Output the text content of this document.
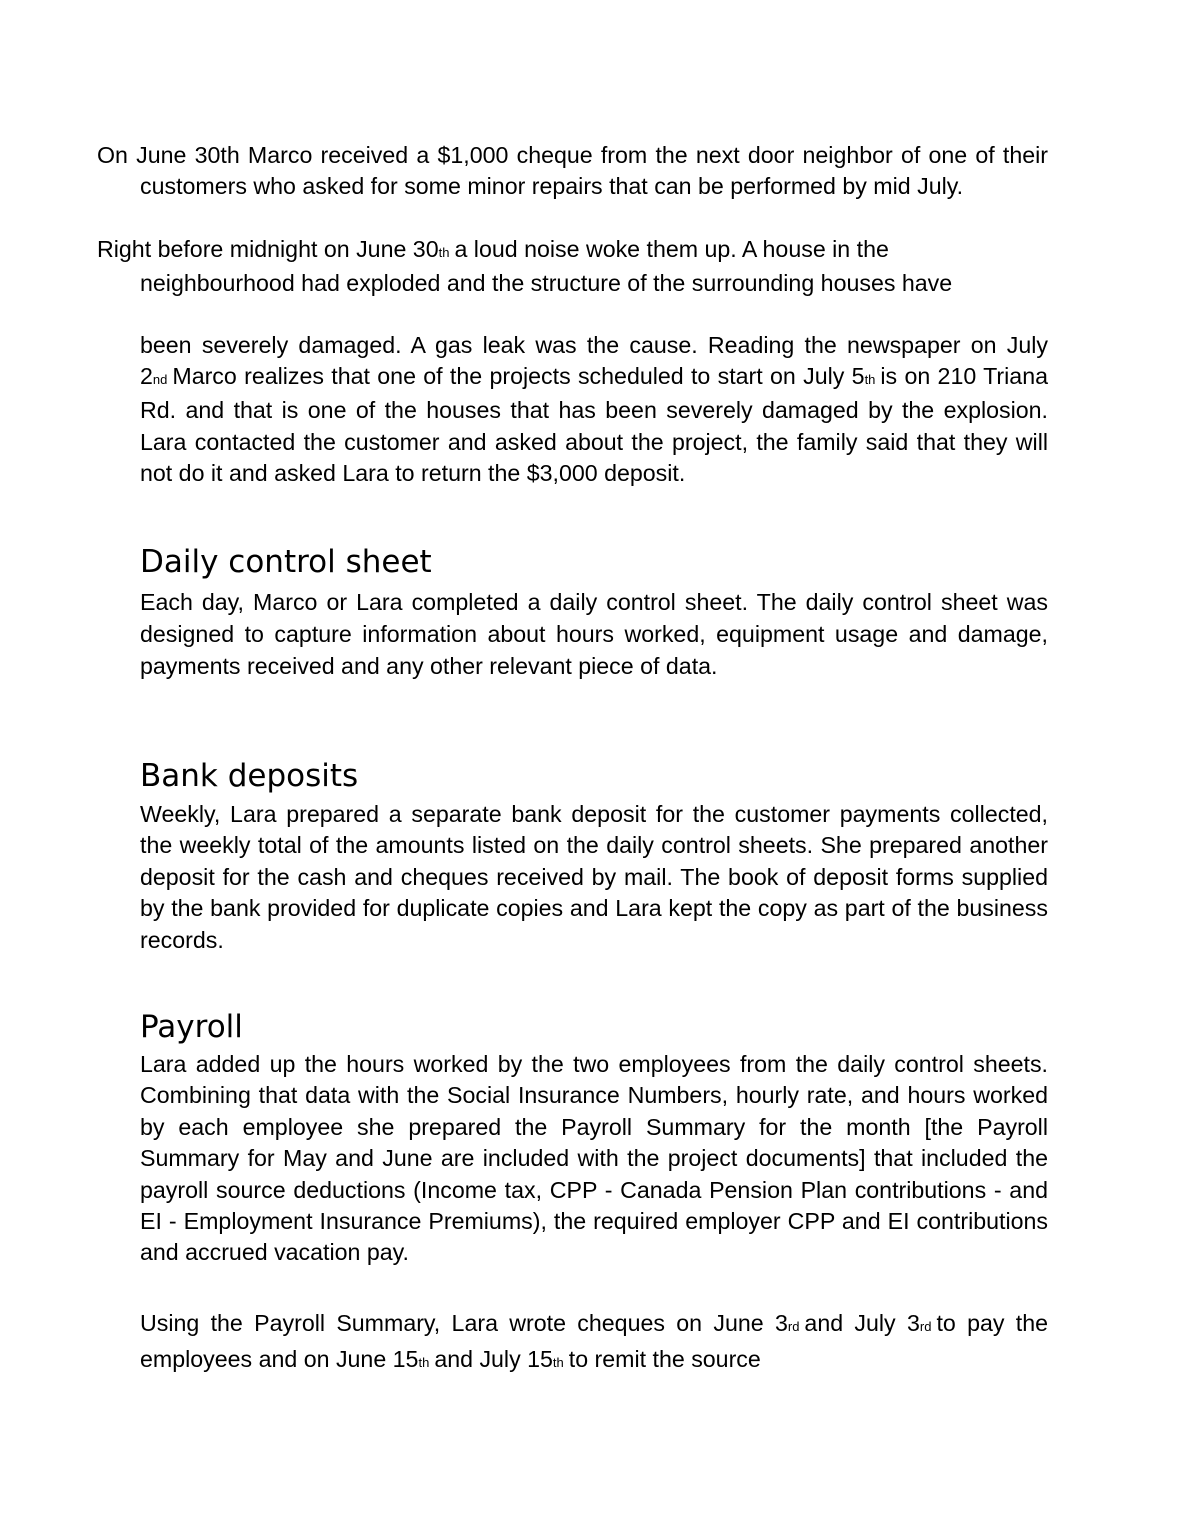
On June 30th Marco received a $1,000 cheque from the next door neighbor of one of their customers who asked for some minor repairs that can be performed by mid July.
Right before midnight on June 30th a loud noise woke them up. A house in the neighbourhood had exploded and the structure of the surrounding houses have
been severely damaged. A gas leak was the cause. Reading the newspaper on July 2nd Marco realizes that one of the projects scheduled to start on July 5th is on 210 Triana Rd. and that is one of the houses that has been severely damaged by the explosion. Lara contacted the customer and asked about the project, the family said that they will not do it and asked Lara to return the $3,000 deposit.
Daily control sheet
Each day, Marco or Lara completed a daily control sheet. The daily control sheet was designed to capture information about hours worked, equipment usage and damage, payments received and any other relevant piece of data.
Bank deposits
Weekly, Lara prepared a separate bank deposit for the customer payments collected, the weekly total of the amounts listed on the daily control sheets. She prepared another deposit for the cash and cheques received by mail. The book of deposit forms supplied by the bank provided for duplicate copies and Lara kept the copy as part of the business records.
Payroll
Lara added up the hours worked by the two employees from the daily control sheets. Combining that data with the Social Insurance Numbers, hourly rate, and hours worked by each employee she prepared the Payroll Summary for the month [the Payroll Summary for May and June are included with the project documents] that included the payroll source deductions (Income tax, CPP - Canada Pension Plan contributions - and EI - Employment Insurance Premiums), the required employer CPP and EI contributions and accrued vacation pay.
Using the Payroll Summary, Lara wrote cheques on June 3rd and July 3rd to pay the employees and on June 15th and July 15th to remit the source
